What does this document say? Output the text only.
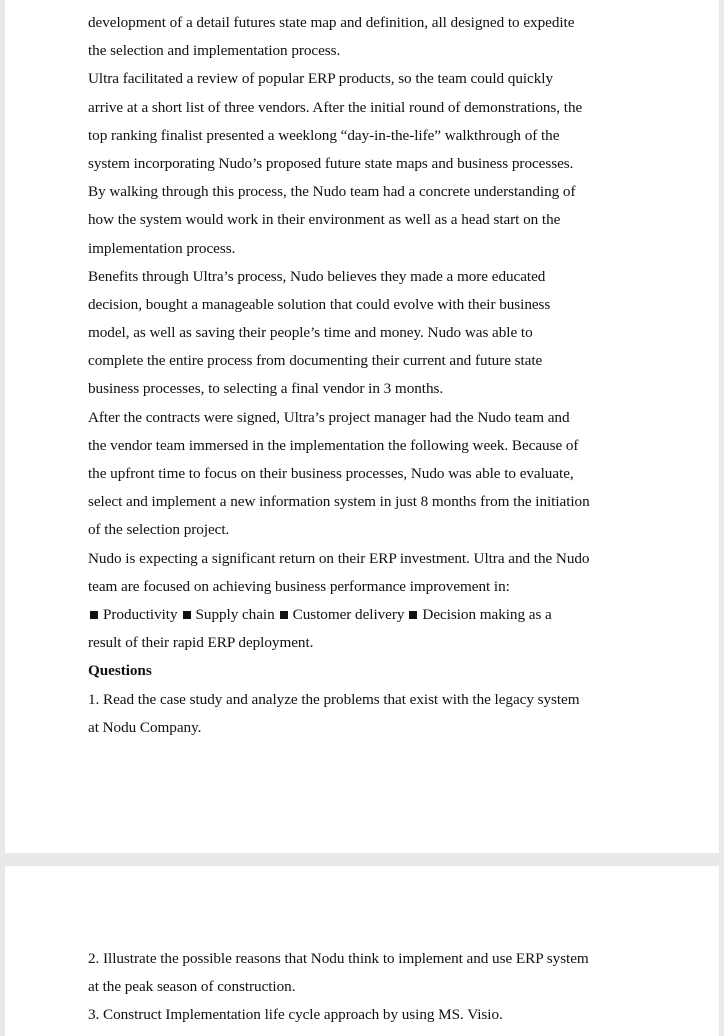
development of a detail futures state map and definition, all designed to expedite
the selection and implementation process.
Ultra facilitated a review of popular ERP products, so the team could quickly
arrive at a short list of three vendors. After the initial round of demonstrations, the
top ranking finalist presented a weeklong “day-in-the-life” walkthrough of the
system incorporating Nudo’s proposed future state maps and business processes.
By walking through this process, the Nudo team had a concrete understanding of
how the system would work in their environment as well as a head start on the
implementation process.
Benefits through Ultra’s process, Nudo believes they made a more educated
decision, bought a manageable solution that could evolve with their business
model, as well as saving their people’s time and money. Nudo was able to
complete the entire process from documenting their current and future state
business processes, to selecting a final vendor in 3 months.
After the contracts were signed, Ultra’s project manager had the Nudo team and
the vendor team immersed in the implementation the following week. Because of
the upfront time to focus on their business processes, Nudo was able to evaluate,
select and implement a new information system in just 8 months from the initiation
of the selection project.
Nudo is expecting a significant return on their ERP investment. Ultra and the Nudo
team are focused on achieving business performance improvement in:
Productivity Supply chain Customer delivery Decision making as a
result of their rapid ERP deployment.
Questions
1. Read the case study and analyze the problems that exist with the legacy system
at Nodu Company.
2. Illustrate the possible reasons that Nodu think to implement and use ERP system
at the peak season of construction.
3. Construct Implementation life cycle approach by using MS. Visio.
